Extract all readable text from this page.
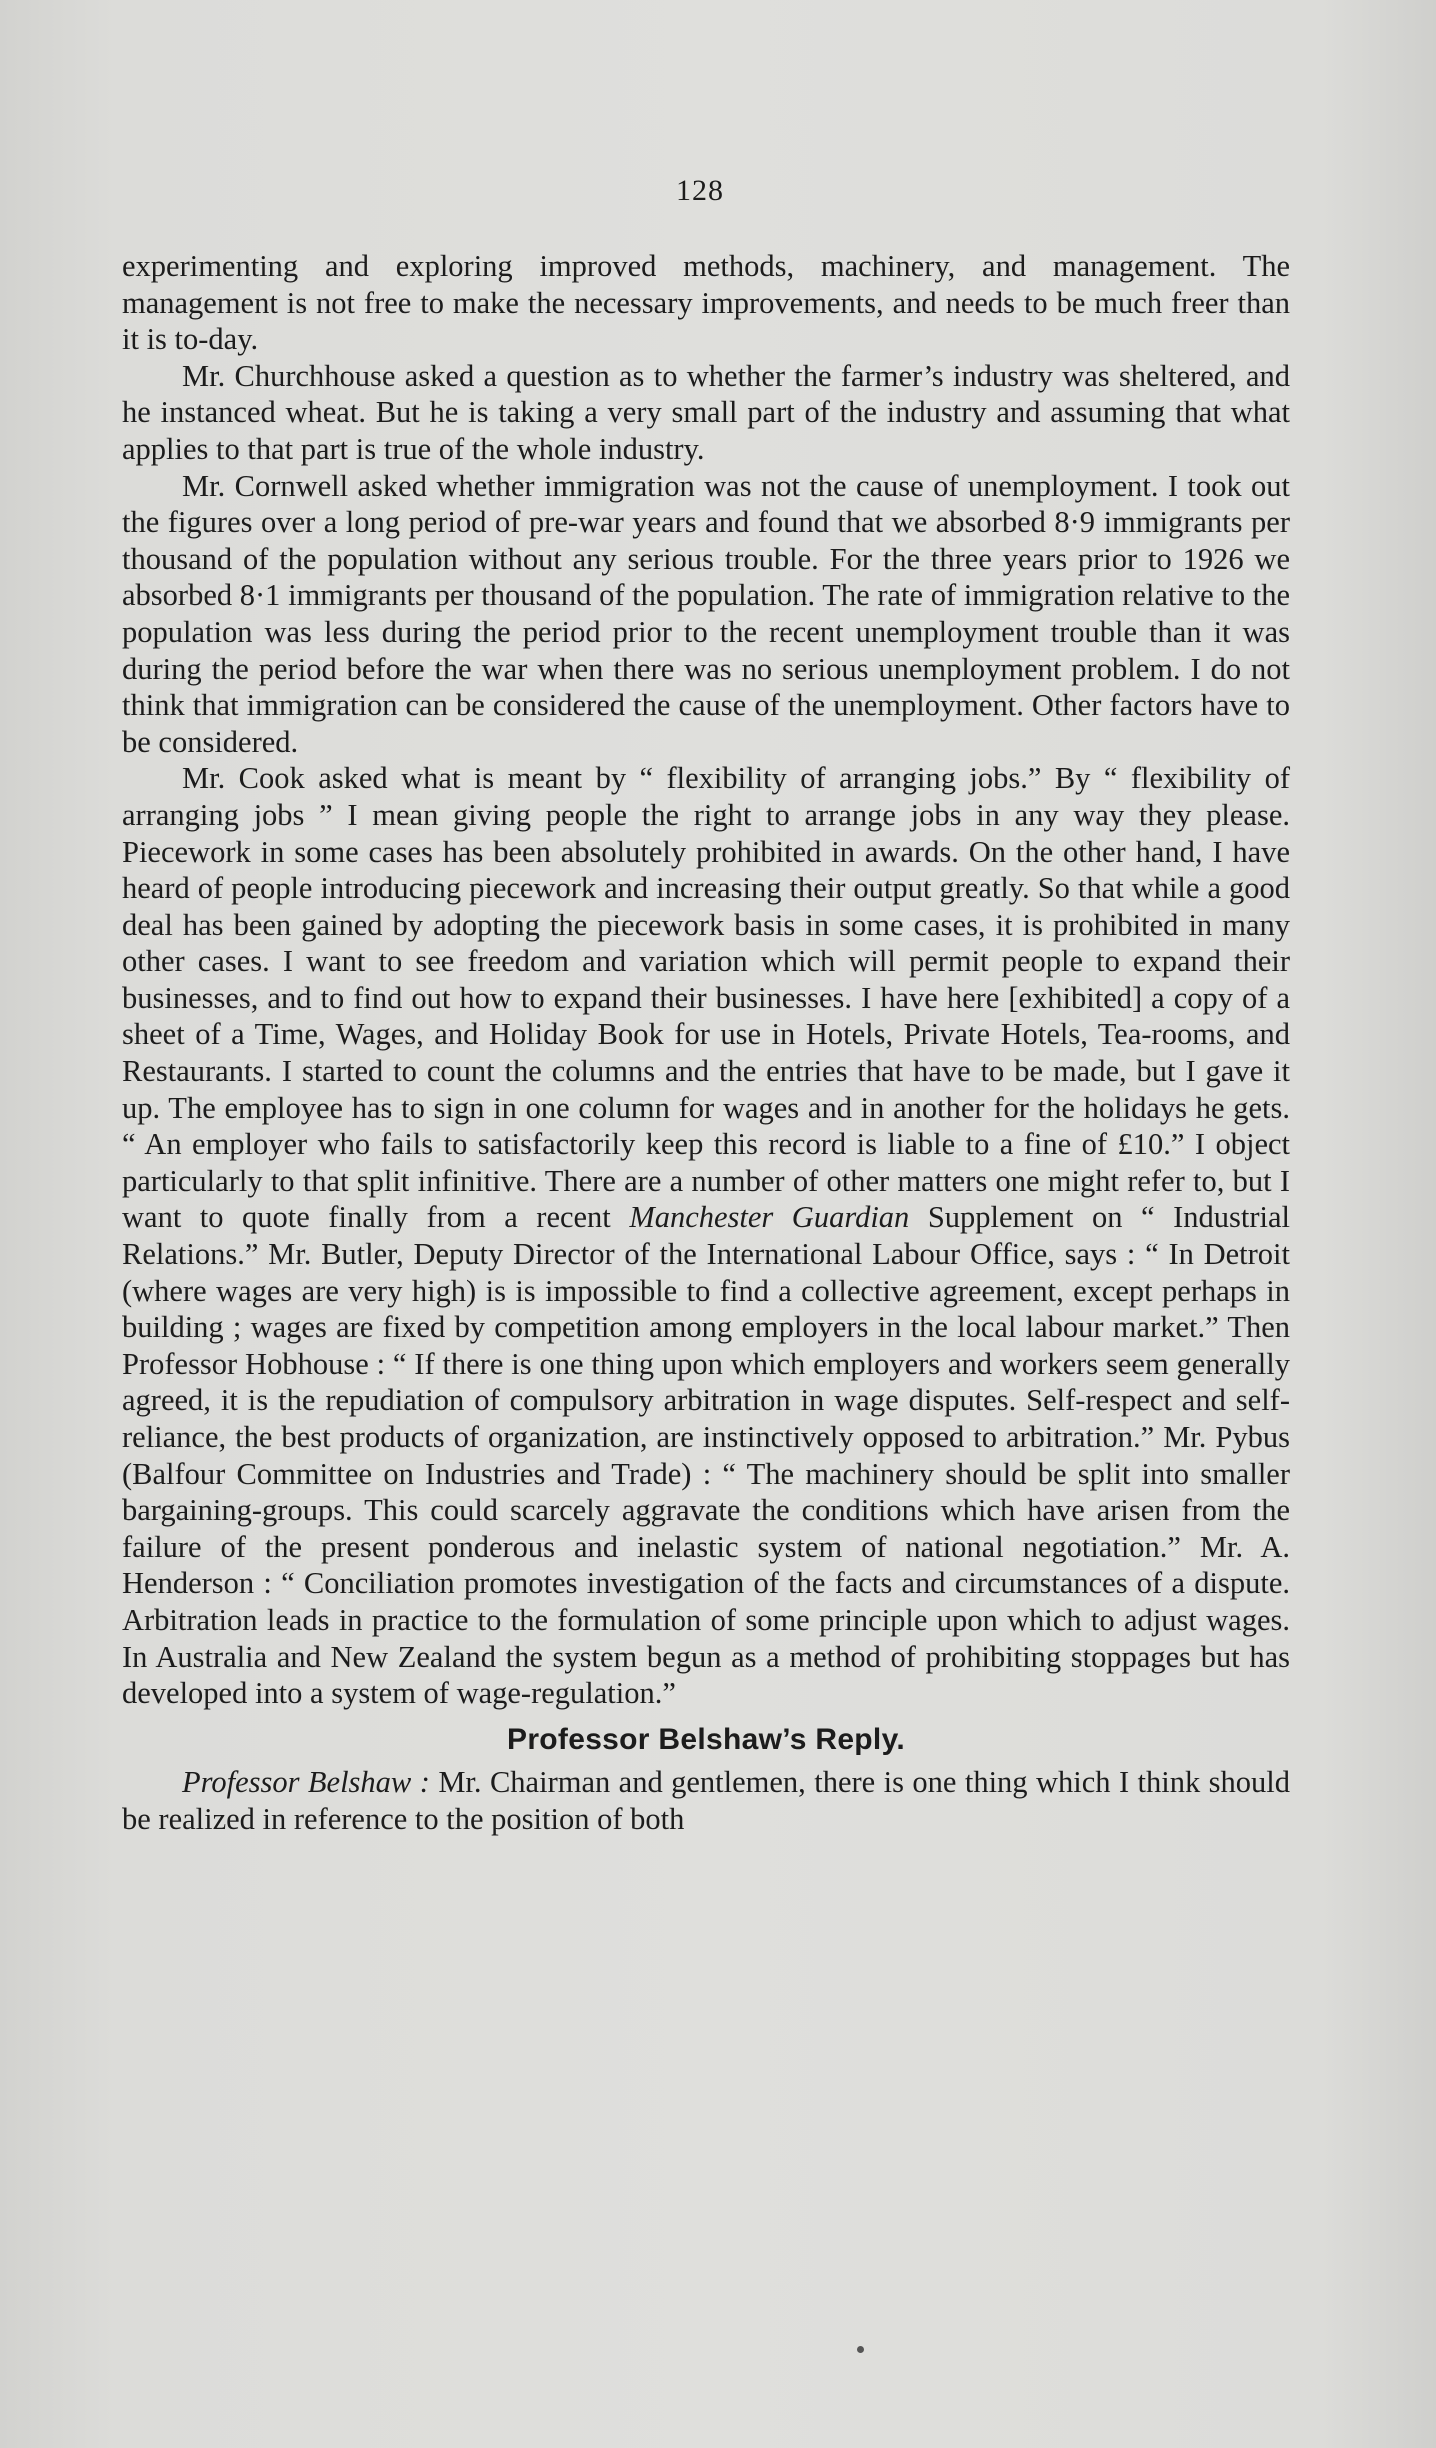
128

experimenting and exploring improved methods, machinery, and management. The management is not free to make the necessary improvements, and needs to be much freer than it is to-day.

Mr. Churchhouse asked a question as to whether the farmer’s industry was sheltered, and he instanced wheat. But he is taking a very small part of the industry and assuming that what applies to that part is true of the whole industry.

Mr. Cornwell asked whether immigration was not the cause of unemployment. I took out the figures over a long period of pre-war years and found that we absorbed 8·9 immigrants per thousand of the population without any serious trouble. For the three years prior to 1926 we absorbed 8·1 immigrants per thousand of the population. The rate of immigration relative to the population was less during the period prior to the recent unemployment trouble than it was during the period before the war when there was no serious unemployment problem. I do not think that immigration can be considered the cause of the unemployment. Other factors have to be considered.

Mr. Cook asked what is meant by “ flexibility of arranging jobs.” By “ flexibility of arranging jobs ” I mean giving people the right to arrange jobs in any way they please. Piecework in some cases has been absolutely prohibited in awards. On the other hand, I have heard of people introducing piecework and increasing their output greatly. So that while a good deal has been gained by adopting the piecework basis in some cases, it is prohibited in many other cases. I want to see freedom and variation which will permit people to expand their businesses, and to find out how to expand their businesses. I have here [exhibited] a copy of a sheet of a Time, Wages, and Holiday Book for use in Hotels, Private Hotels, Tea-rooms, and Restaurants. I started to count the columns and the entries that have to be made, but I gave it up. The employee has to sign in one column for wages and in another for the holidays he gets. “ An employer who fails to satisfactorily keep this record is liable to a fine of £10.” I object particularly to that split infinitive. There are a number of other matters one might refer to, but I want to quote finally from a recent Manchester Guardian Supplement on “ Industrial Relations.” Mr. Butler, Deputy Director of the International Labour Office, says : “ In Detroit (where wages are very high) is is impossible to find a collective agreement, except perhaps in building ; wages are fixed by competition among employers in the local labour market.” Then Professor Hobhouse : “ If there is one thing upon which employers and workers seem generally agreed, it is the repudiation of compulsory arbitration in wage disputes. Self-respect and self-reliance, the best products of organization, are instinctively opposed to arbitration.” Mr. Pybus (Balfour Committee on Industries and Trade) : “ The machinery should be split into smaller bargaining-groups. This could scarcely aggravate the conditions which have arisen from the failure of the present ponderous and inelastic system of national negotiation.” Mr. A. Henderson : “ Conciliation promotes investigation of the facts and circumstances of a dispute. Arbitration leads in practice to the formulation of some principle upon which to adjust wages. In Australia and New Zealand the system begun as a method of prohibiting stoppages but has developed into a system of wage-regulation.”

Professor Belshaw’s Reply.

Professor Belshaw : Mr. Chairman and gentlemen, there is one thing which I think should be realized in reference to the position of both
